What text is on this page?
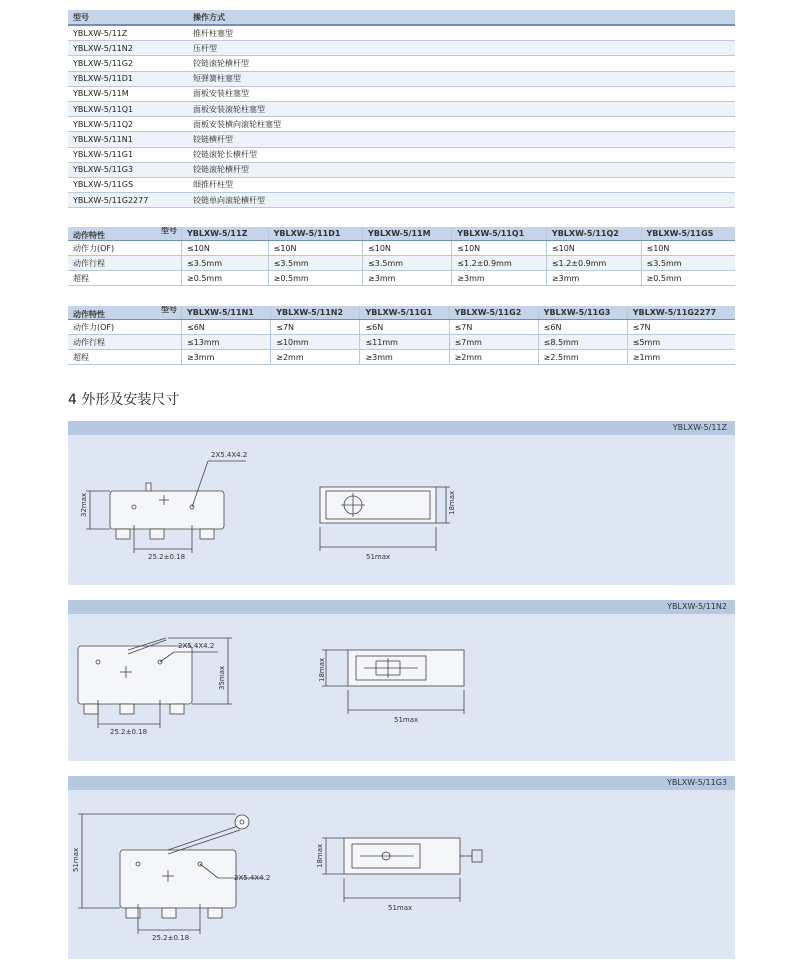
型号	操作方式
YBLXW-5/11Z	推杆柱塞型
YBLXW-5/11N2	压杆型
YBLXW-5/11G2	铰链滚轮横杆型
YBLXW-5/11D1	短弹簧柱塞型
YBLXW-5/11M	面板安装柱塞型
YBLXW-5/11Q1	面板安装滚轮柱塞型
YBLXW-5/11Q2	面板安装横向滚轮柱塞型
YBLXW-5/11N1	铰链横杆型
YBLXW-5/11G1	铰链滚轮长横杆型
YBLXW-5/11G3	铰链滚轮横杆型
YBLXW-5/11GS	细推杆柱型
YBLXW-5/11G2277	铰链单向滚轮横杆型
型号
动作特性	YBLXW-5/11Z	YBLXW-5/11D1	YBLXW-5/11M	YBLXW-5/11Q1	YBLXW-5/11Q2	YBLXW-5/11GS
动作力(OF)	≤10N	≤10N	≤10N	≤10N	≤10N	≤10N
动作行程	≤3.5mm	≤3.5mm	≤3.5mm	≤1.2±0.9mm	≤1.2±0.9mm	≤3.5mm
超程	≥0.5mm	≥0.5mm	≥3mm	≥3mm	≥3mm	≥0.5mm
型号
动作特性	YBLXW-5/11N1	YBLXW-5/11N2	YBLXW-5/11G1	YBLXW-5/11G2	YBLXW-5/11G3	YBLXW-5/11G2277
动作力(OF)	≤6N	≤7N	≤6N	≤7N	≤6N	≤7N
动作行程	≤13mm	≤10mm	≤11mm	≤7mm	≤8.5mm	≤5mm
超程	≥3mm	≥2mm	≥3mm	≥2mm	≥2.5mm	≥1mm
4 外形及安装尺寸
YBLXW-5/11Z
2X5.4X4.2
32max
25.2±0.18
18max
51max
YBLXW-5/11N2
2X5.4X4.2
35max
25.2±0.18
18max
51max
YBLXW-5/11G3
2X5.4X4.2
51max
25.2±0.18
18max
51max
